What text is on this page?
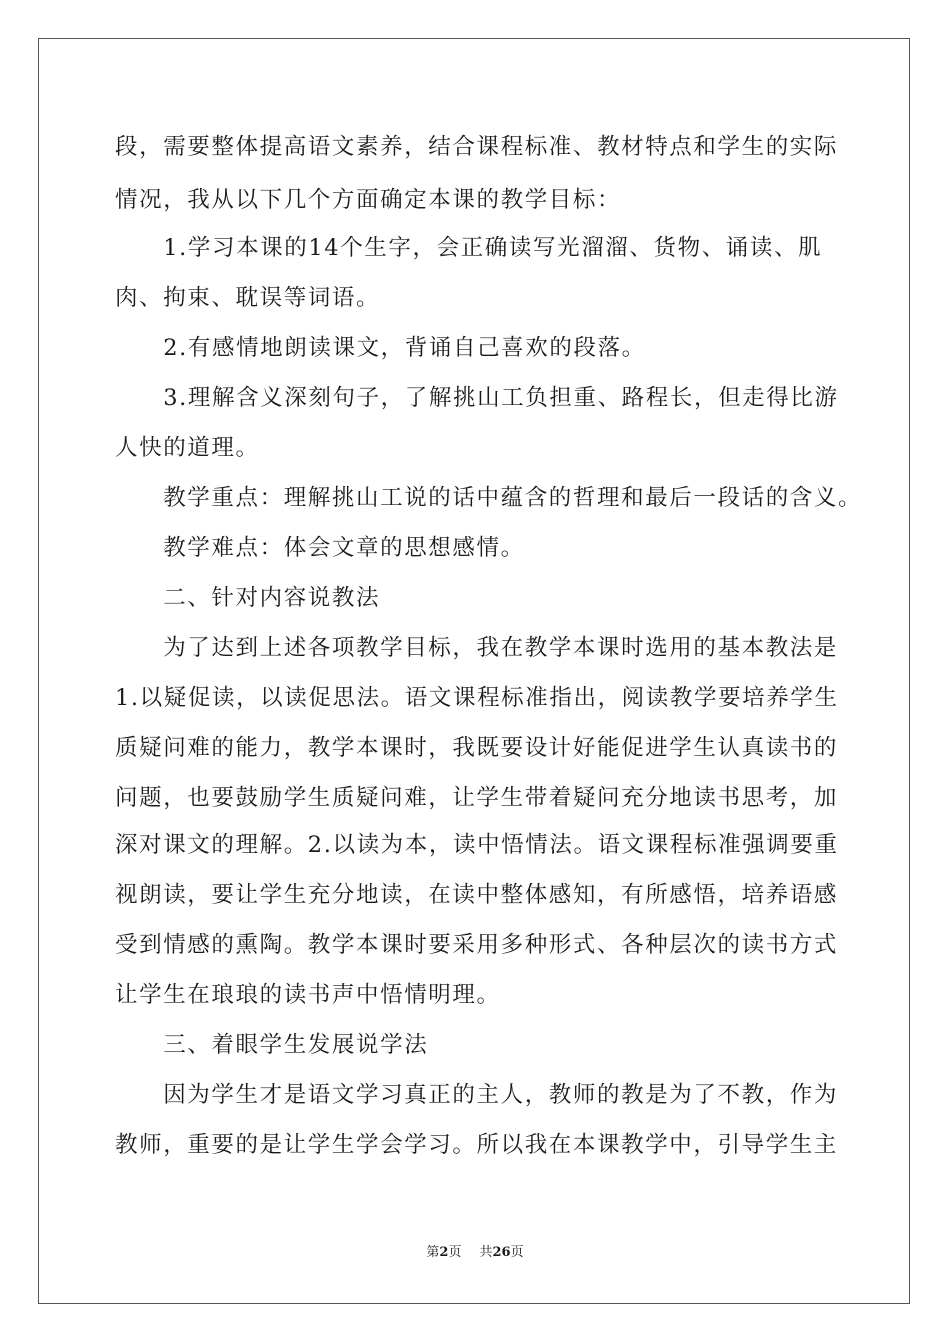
段，需要整体提高语文素养，结合课程标准、教材特点和学生的实际
情况，我从以下几个方面确定本课的教学目标：
　　1.学习本课的14个生字，会正确读写光溜溜、货物、诵读、肌
肉、拘束、耽误等词语。
　　2.有感情地朗读课文，背诵自己喜欢的段落。
　　3.理解含义深刻句子，了解挑山工负担重、路程长，但走得比游
人快的道理。
　　教学重点：理解挑山工说的话中蕴含的哲理和最后一段话的含义。
　　教学难点：体会文章的思想感情。
　　二、针对内容说教法
　　为了达到上述各项教学目标，我在教学本课时选用的基本教法是
1.以疑促读，以读促思法。语文课程标准指出，阅读教学要培养学生
质疑问难的能力，教学本课时，我既要设计好能促进学生认真读书的
问题，也要鼓励学生质疑问难，让学生带着疑问充分地读书思考，加
深对课文的理解。2.以读为本，读中悟情法。语文课程标准强调要重
视朗读，要让学生充分地读，在读中整体感知，有所感悟，培养语感
受到情感的熏陶。教学本课时要采用多种形式、各种层次的读书方式
让学生在琅琅的读书声中悟情明理。
　　三、着眼学生发展说学法
　　因为学生才是语文学习真正的主人，教师的教是为了不教，作为
教师，重要的是让学生学会学习。所以我在本课教学中，引导学生主
第2页 共26页
